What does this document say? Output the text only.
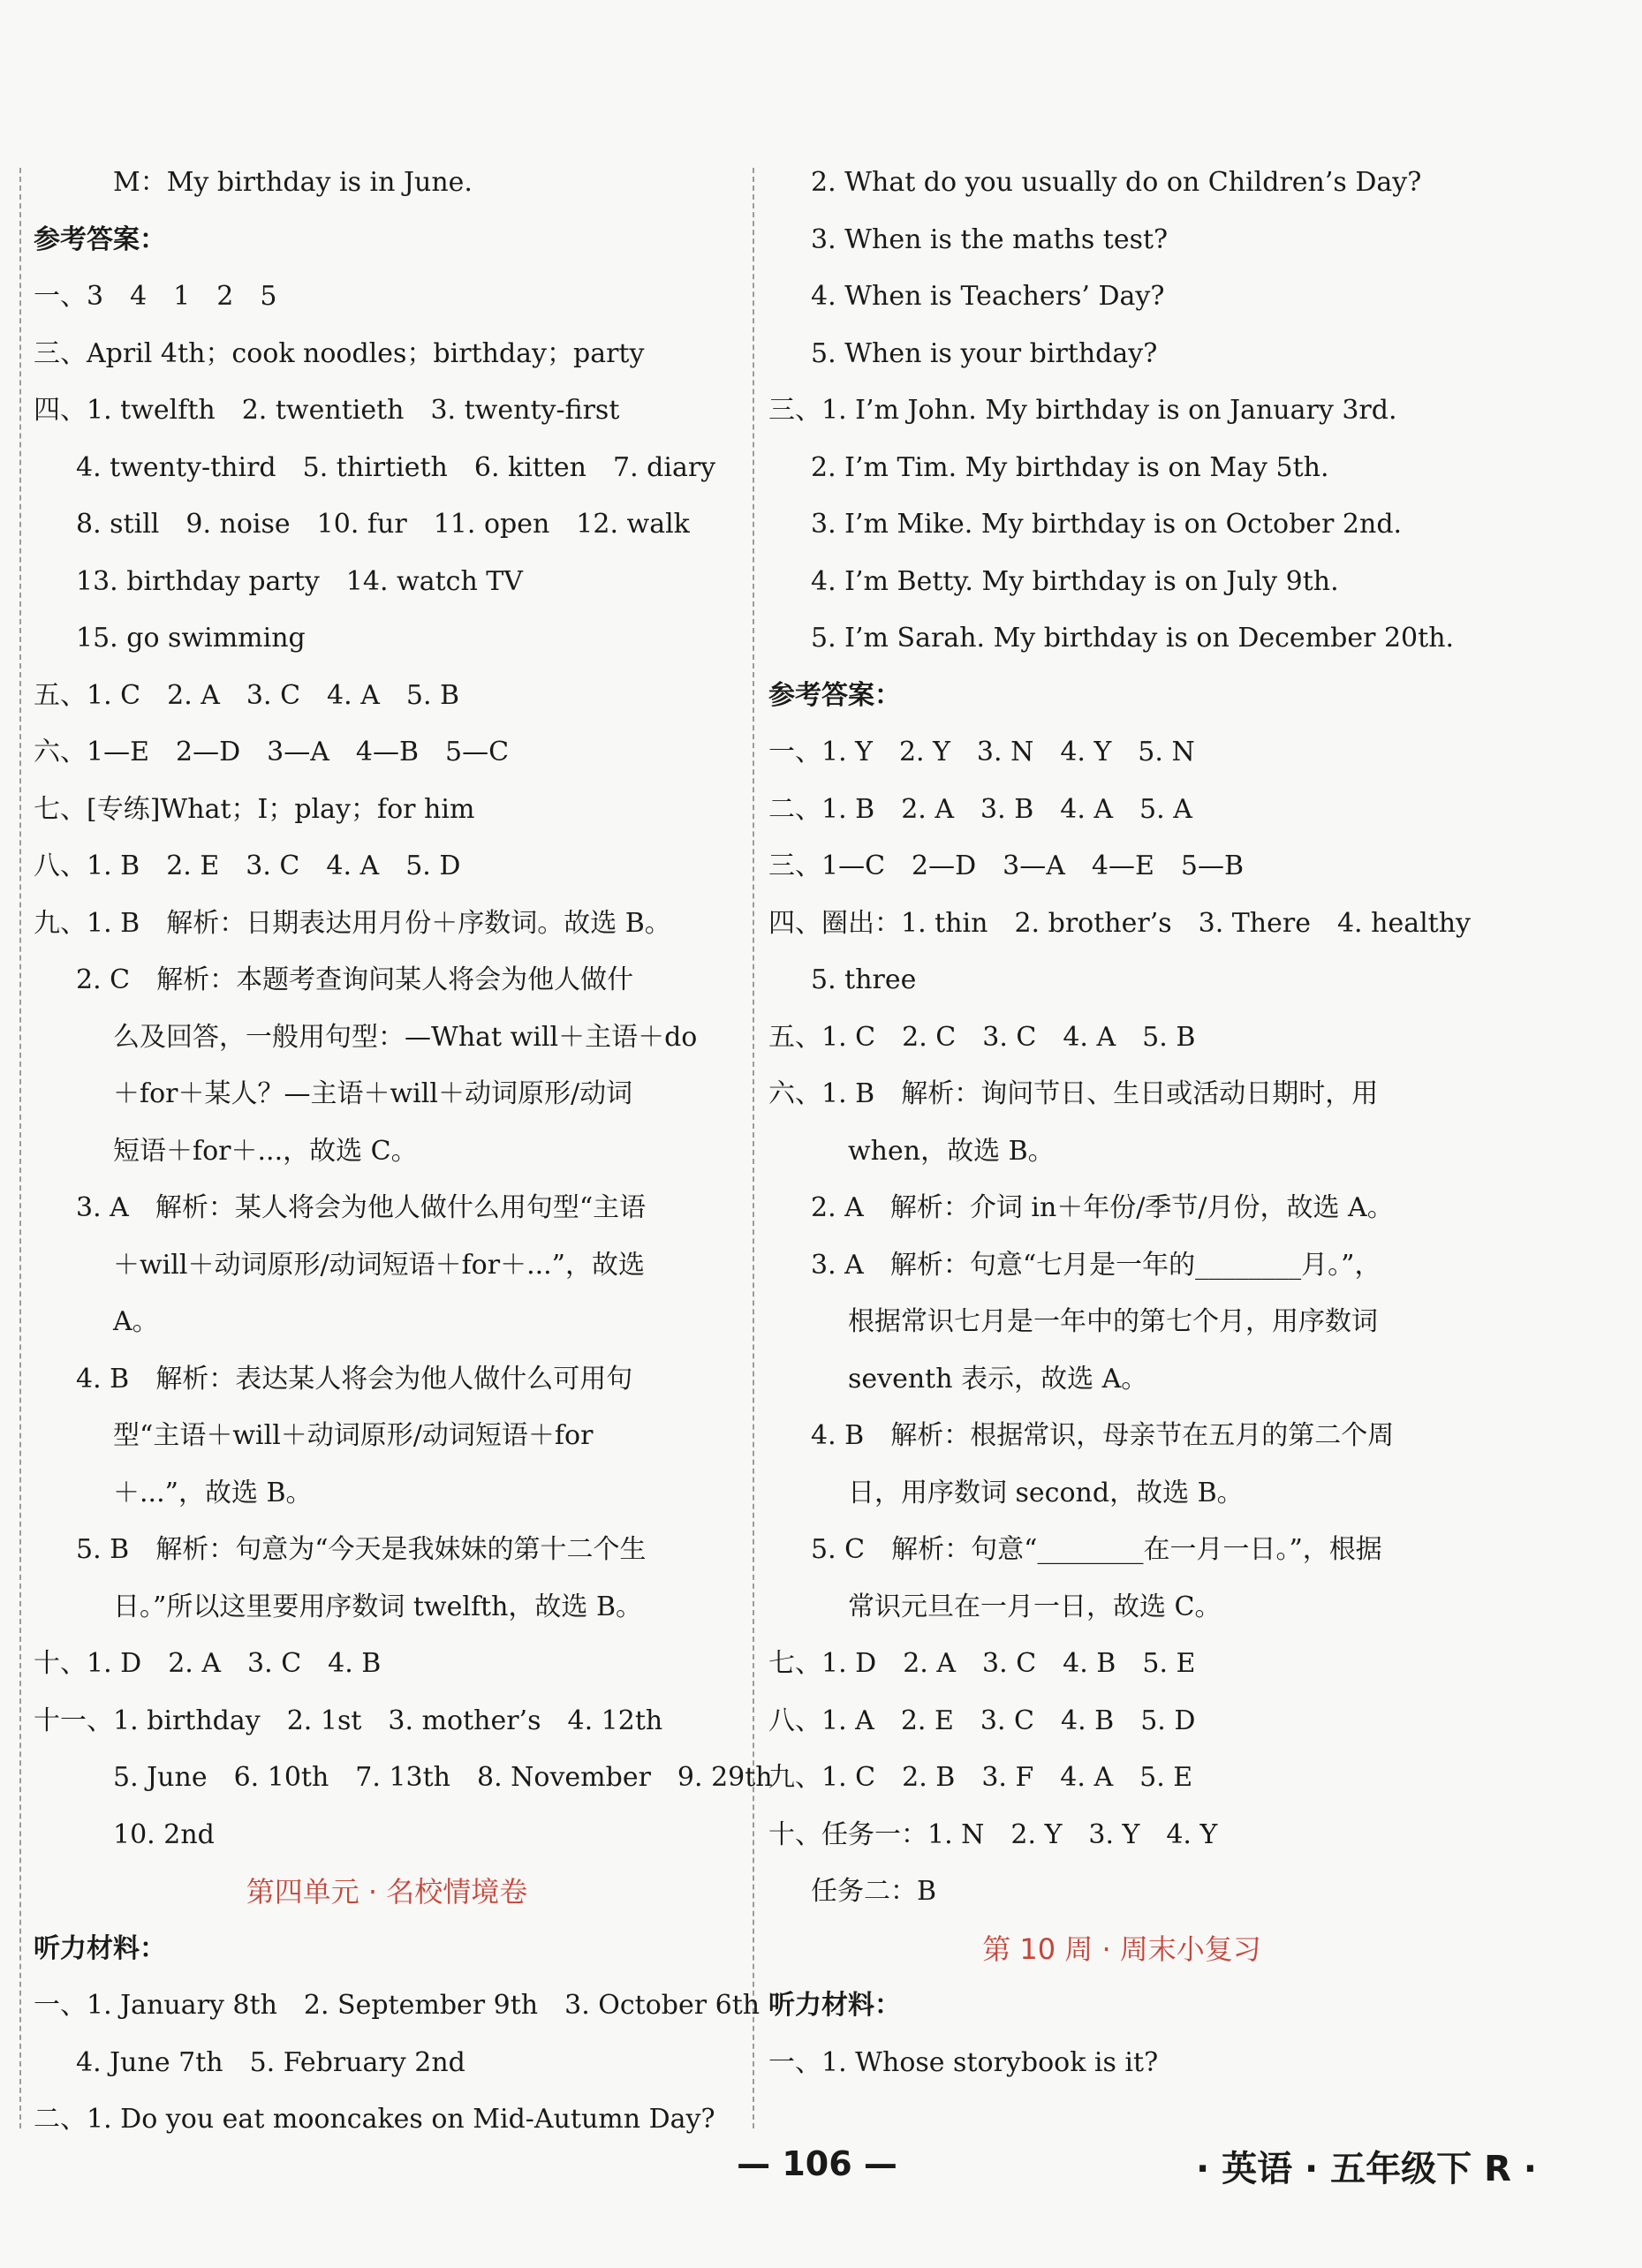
M：My birthday is in June.
参考答案：
一、3　4　1　2　5
三、April 4th；cook noodles；birthday；party
四、1. twelfth　2. twentieth　3. twenty-first
4. twenty-third　5. thirtieth　6. kitten　7. diary
8. still　9. noise　10. fur　11. open　12. walk
13. birthday party　14. watch TV
15. go swimming
五、1. C　2. A　3. C　4. A　5. B
六、1—E　2—D　3—A　4—B　5—C
七、[专练]What；I；play；for him
八、1. B　2. E　3. C　4. A　5. D
九、1. B　解析：日期表达用月份＋序数词。故选 B。
2. C　解析：本题考查询问某人将会为他人做什
么及回答，一般用句型：—What will＋主语＋do
＋for＋某人？—主语＋will＋动词原形/动词
短语＋for＋...，故选 C。
3. A　解析：某人将会为他人做什么用句型“主语
＋will＋动词原形/动词短语＋for＋...”，故选
A。
4. B　解析：表达某人将会为他人做什么可用句
型“主语＋will＋动词原形/动词短语＋for
＋...”，故选 B。
5. B　解析：句意为“今天是我妹妹的第十二个生
日。”所以这里要用序数词 twelfth，故选 B。
十、1. D　2. A　3. C　4. B
十一、1. birthday　2. 1st　3. mother’s　4. 12th
5. June　6. 10th　7. 13th　8. November　9. 29th
10. 2nd
第四单元 · 名校情境卷
听力材料：
一、1. January 8th　2. September 9th　3. October 6th
4. June 7th　5. February 2nd
二、1. Do you eat mooncakes on Mid-Autumn Day?
2. What do you usually do on Children’s Day?
3. When is the maths test?
4. When is Teachers’ Day?
5. When is your birthday?
三、1. I’m John. My birthday is on January 3rd.
2. I’m Tim. My birthday is on May 5th.
3. I’m Mike. My birthday is on October 2nd.
4. I’m Betty. My birthday is on July 9th.
5. I’m Sarah. My birthday is on December 20th.
参考答案：
一、1. Y　2. Y　3. N　4. Y　5. N
二、1. B　2. A　3. B　4. A　5. A
三、1—C　2—D　3—A　4—E　5—B
四、圈出：1. thin　2. brother’s　3. There　4. healthy
5. three
五、1. C　2. C　3. C　4. A　5. B
六、1. B　解析：询问节日、生日或活动日期时，用
when，故选 B。
2. A　解析：介词 in＋年份/季节/月份，故选 A。
3. A　解析：句意“七月是一年的________月。”，
根据常识七月是一年中的第七个月，用序数词
seventh 表示，故选 A。
4. B　解析：根据常识，母亲节在五月的第二个周
日，用序数词 second，故选 B。
5. C　解析：句意“________在一月一日。”，根据
常识元旦在一月一日，故选 C。
七、1. D　2. A　3. C　4. B　5. E
八、1. A　2. E　3. C　4. B　5. D
九、1. C　2. B　3. F　4. A　5. E
十、任务一：1. N　2. Y　3. Y　4. Y
任务二：B
第 10 周 · 周末小复习
听力材料：
一、1. Whose storybook is it?
— 106 —	· 英语 · 五年级下 R ·
